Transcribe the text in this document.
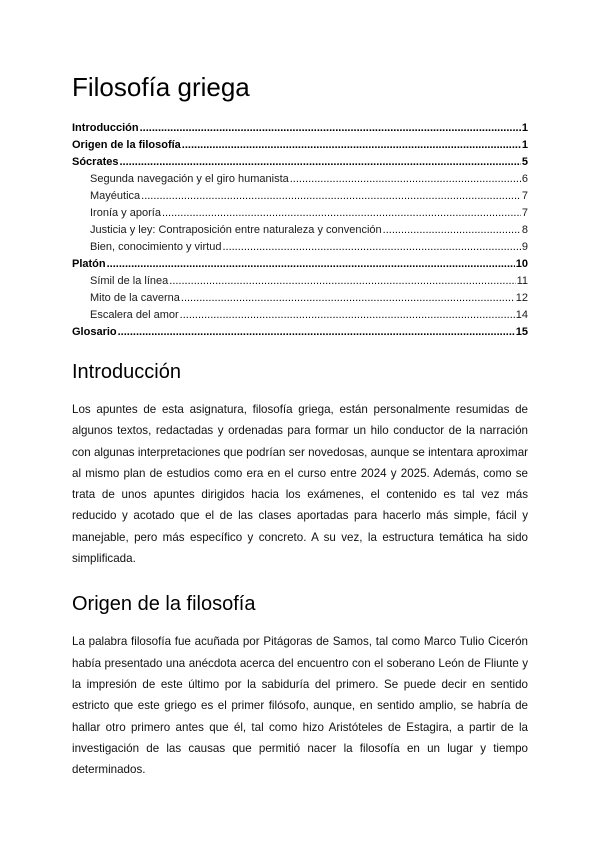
Filosofía griega
Introducción .....	1
Origen de la filosofía .....	1
Sócrates .....	5
Segunda navegación y el giro humanista .....	6
Mayéutica .....	7
Ironía y aporía .....	7
Justicia y ley: Contraposición entre naturaleza y convención .....	8
Bien, conocimiento y virtud .....	9
Platón .....	10
Símil de la línea .....	11
Mito de la caverna .....	12
Escalera del amor .....	14
Glosario .....	15
Introducción

Los apuntes de esta asignatura, filosofía griega, están personalmente resumidas de algunos textos, redactadas y ordenadas para formar un hilo conductor de la narración con algunas interpretaciones que podrían ser novedosas, aunque se intentara aproximar al mismo plan de estudios como era en el curso entre 2024 y 2025. Además, como se trata de unos apuntes dirigidos hacia los exámenes, el contenido es tal vez más reducido y acotado que el de las clases aportadas para hacerlo más simple, fácil y manejable, pero más específico y concreto. A su vez, la estructura temática ha sido simplificada.

Origen de la filosofía

La palabra filosofía fue acuñada por Pitágoras de Samos, tal como Marco Tulio Cicerón había presentado una anécdota acerca del encuentro con el soberano León de Fliunte y la impresión de este último por la sabiduría del primero. Se puede decir en sentido estricto que este griego es el primer filósofo, aunque, en sentido amplio, se habría de hallar otro primero antes que él, tal como hizo Aristóteles de Estagira, a partir de la investigación de las causas que permitió nacer la filosofía en un lugar y tiempo determinados.
